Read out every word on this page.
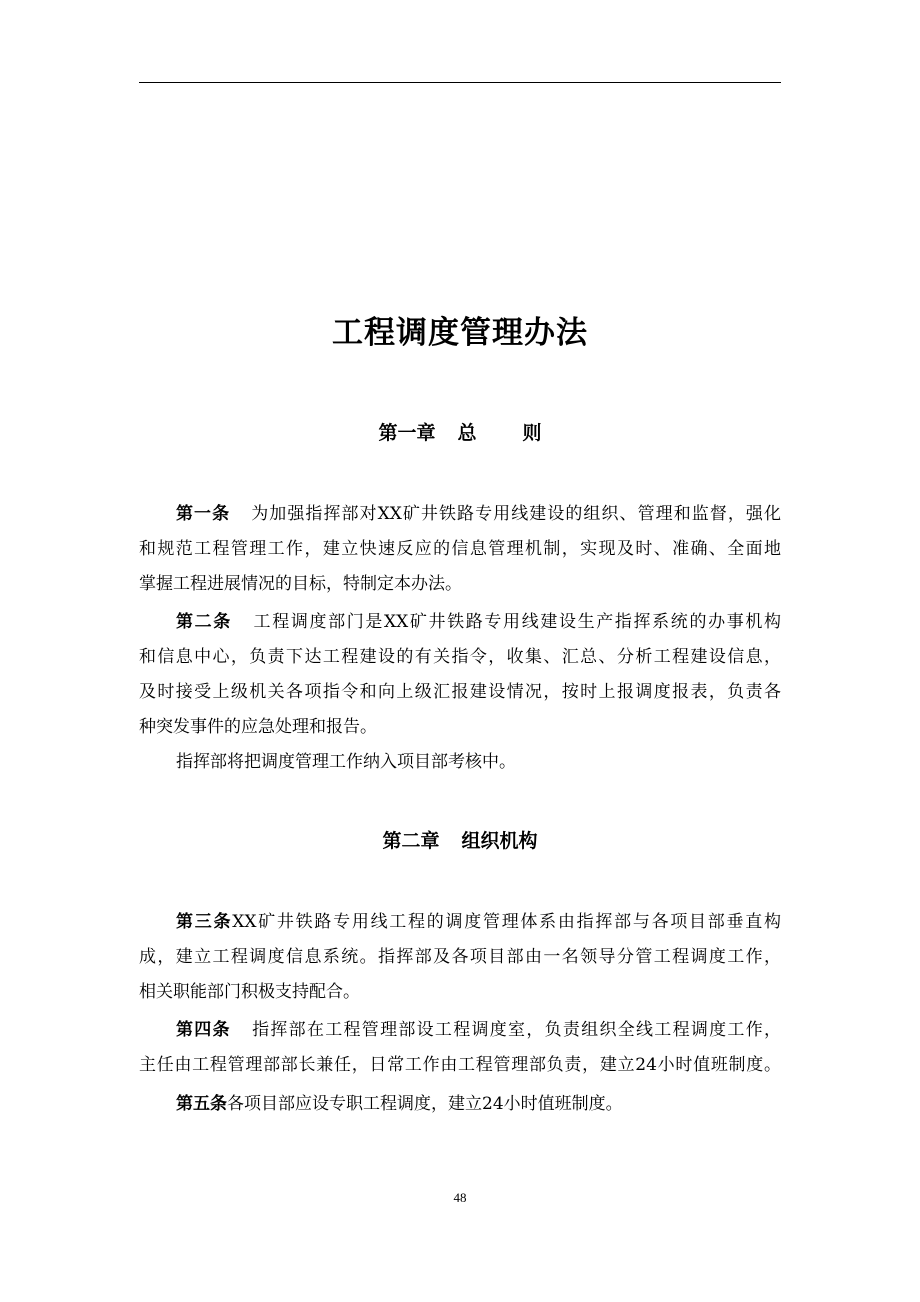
工程调度管理办法
第一章 总 则
第一条 为加强指挥部对XX矿井铁路专用线建设的组织、管理和监督，强化
和规范工程管理工作，建立快速反应的信息管理机制，实现及时、准确、全面地
掌握工程进展情况的目标，特制定本办法。
第二条 工程调度部门是XX矿井铁路专用线建设生产指挥系统的办事机构
和信息中心，负责下达工程建设的有关指令，收集、汇总、分析工程建设信息，
及时接受上级机关各项指令和向上级汇报建设情况，按时上报调度报表，负责各
种突发事件的应急处理和报告。
指挥部将把调度管理工作纳入项目部考核中。
第二章 组织机构
第三条XX矿井铁路专用线工程的调度管理体系由指挥部与各项目部垂直构
成，建立工程调度信息系统。指挥部及各项目部由一名领导分管工程调度工作，
相关职能部门积极支持配合。
第四条 指挥部在工程管理部设工程调度室，负责组织全线工程调度工作，
主任由工程管理部部长兼任，日常工作由工程管理部负责，建立24小时值班制度。
第五条各项目部应设专职工程调度，建立24小时值班制度。
48
